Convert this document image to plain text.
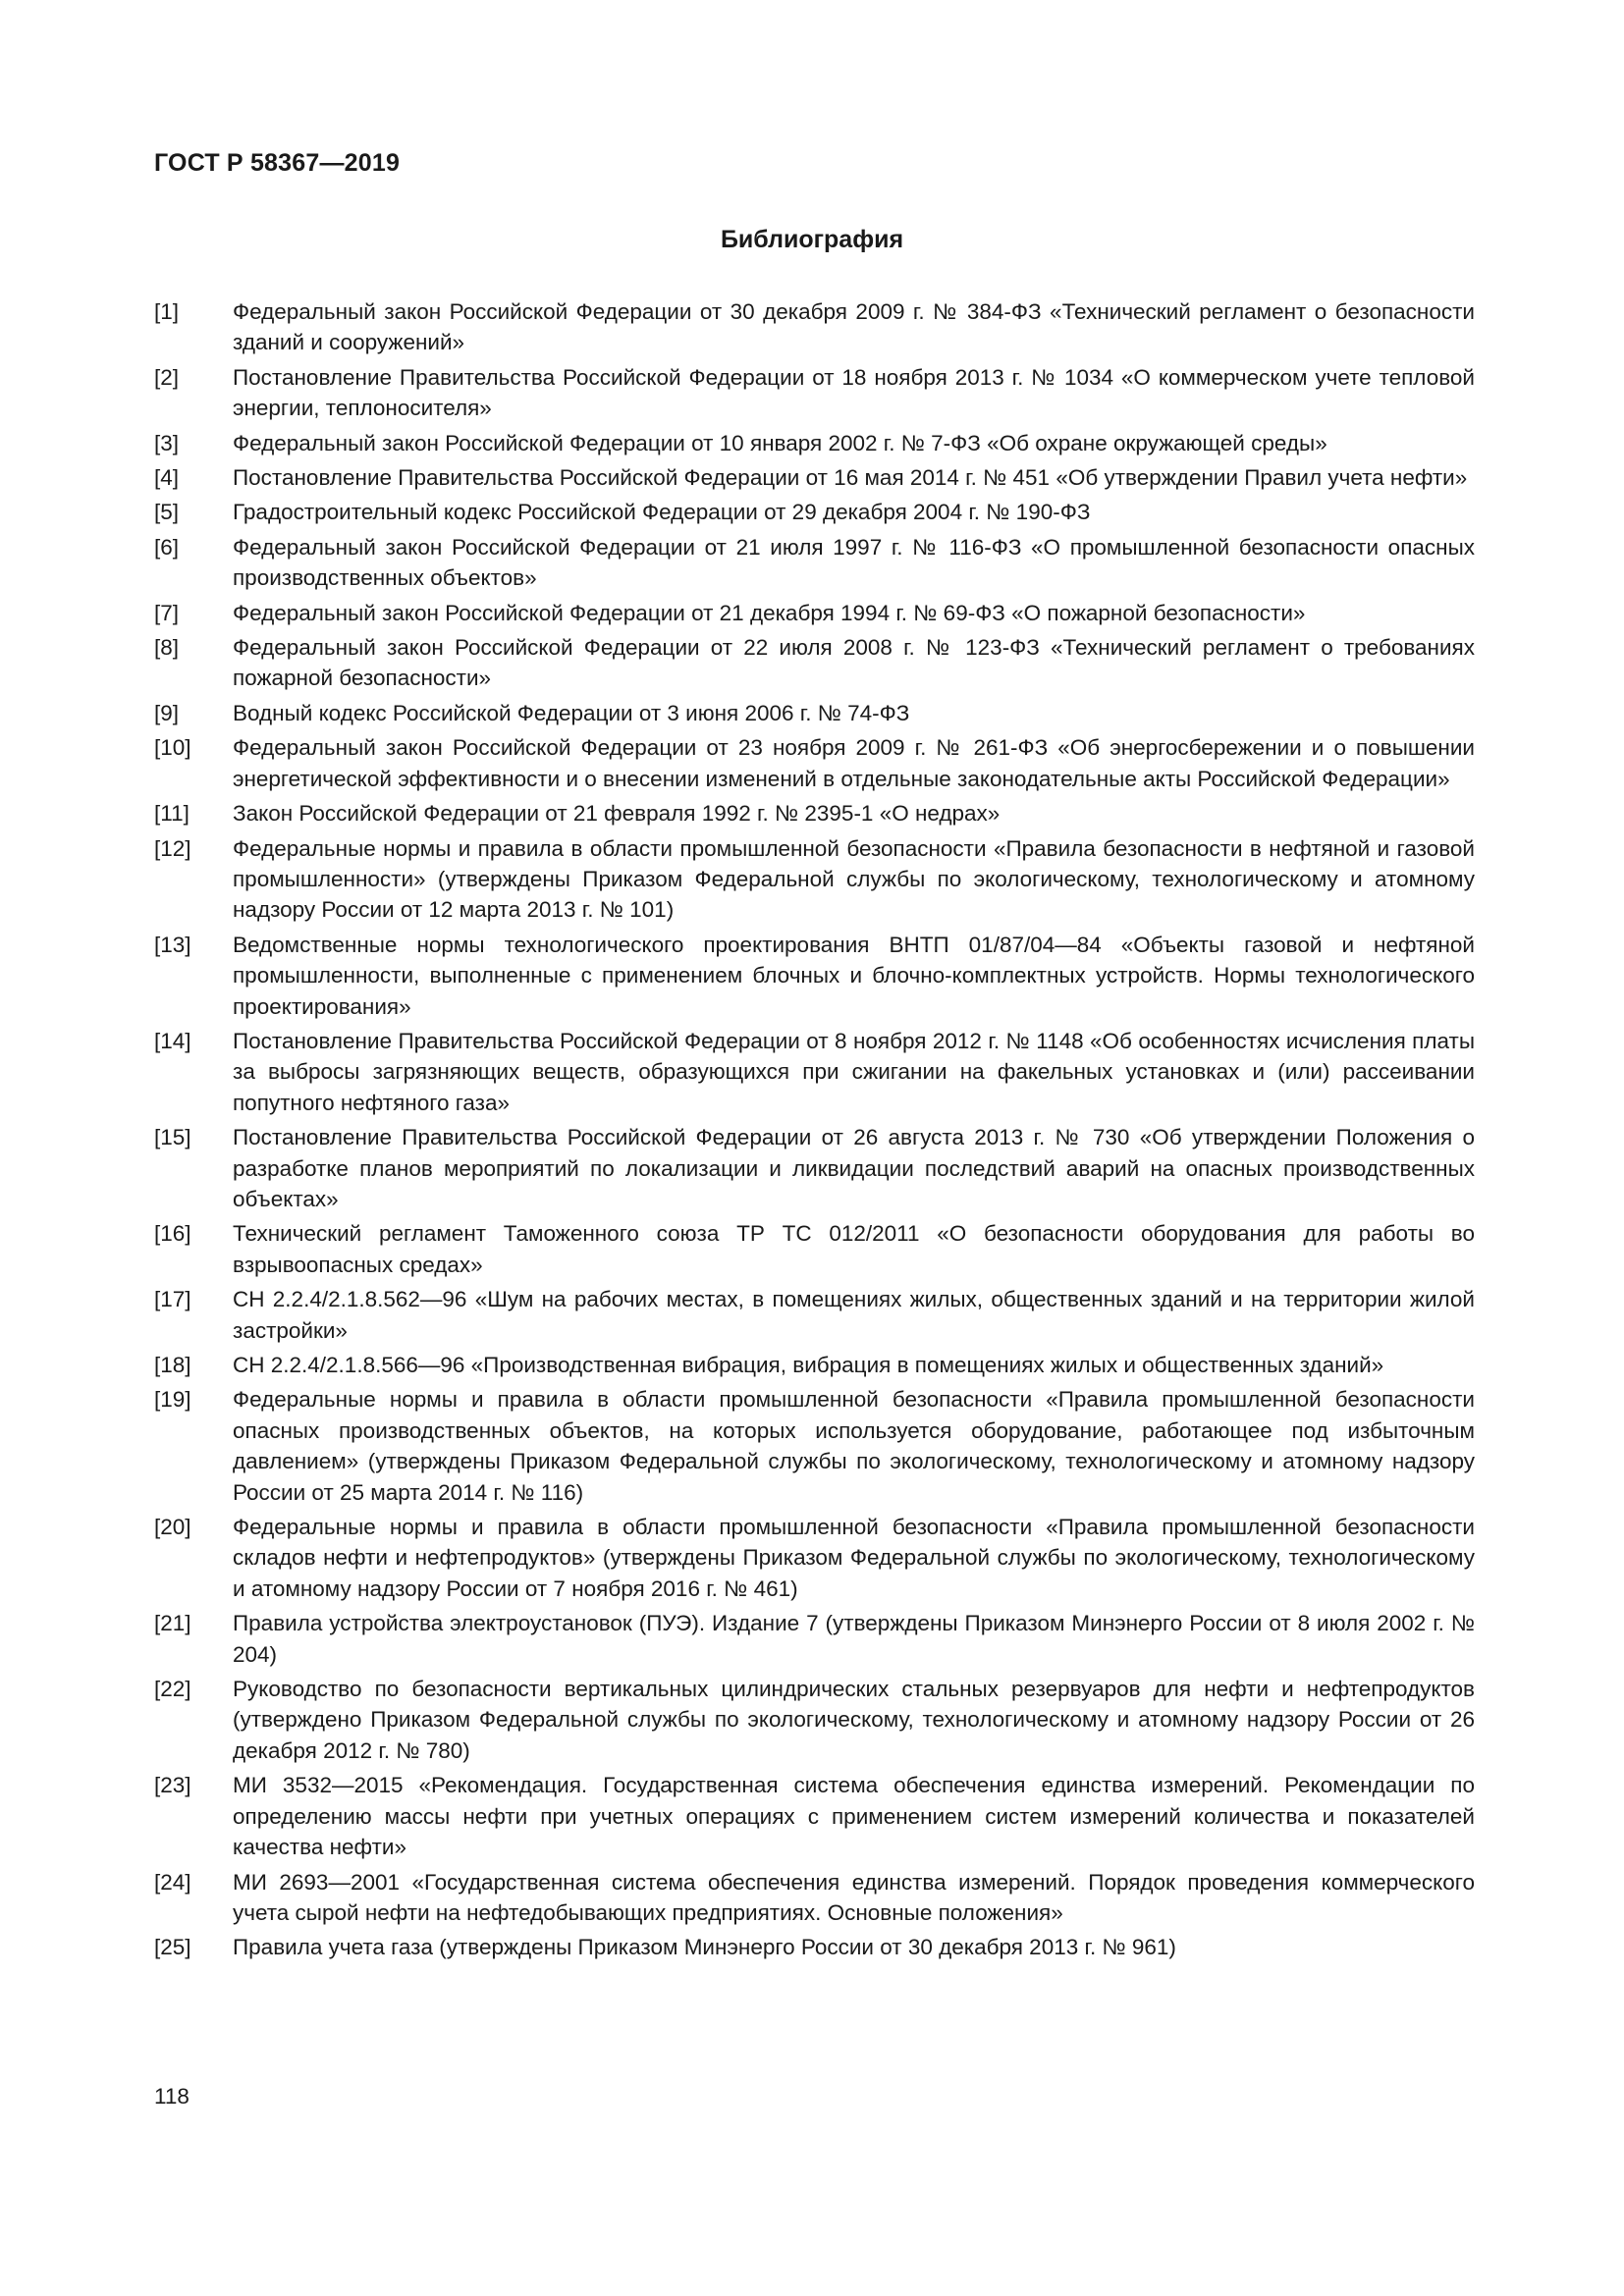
ГОСТ Р 58367—2019
Библиография
[1]	Федеральный закон Российской Федерации от 30 декабря 2009 г. № 384-ФЗ «Технический регламент о безопасности зданий и сооружений»
[2]	Постановление Правительства Российской Федерации от 18 ноября 2013 г. № 1034 «О коммерческом учете тепловой энергии, теплоносителя»
[3]	Федеральный закон Российской Федерации от 10 января 2002 г. № 7-ФЗ «Об охране окружающей среды»
[4]	Постановление Правительства Российской Федерации от 16 мая 2014 г. № 451 «Об утверждении Правил учета нефти»
[5]	Градостроительный кодекс Российской Федерации от 29 декабря 2004 г. № 190-ФЗ
[6]	Федеральный закон Российской Федерации от 21 июля 1997 г. № 116-ФЗ «О промышленной безопасности опасных производственных объектов»
[7]	Федеральный закон Российской Федерации от 21 декабря 1994 г. № 69-ФЗ «О пожарной безопасности»
[8]	Федеральный закон Российской Федерации от 22 июля 2008 г. № 123-ФЗ «Технический регламент о требованиях пожарной безопасности»
[9]	Водный кодекс Российской Федерации от 3 июня 2006 г. № 74-ФЗ
[10]	Федеральный закон Российской Федерации от 23 ноября 2009 г. № 261-ФЗ «Об энергосбережении и о повышении энергетической эффективности и о внесении изменений в отдельные законодательные акты Российской Федерации»
[11]	Закон Российской Федерации от 21 февраля 1992 г. № 2395-1 «О недрах»
[12]	Федеральные нормы и правила в области промышленной безопасности «Правила безопасности в нефтяной и газовой промышленности» (утверждены Приказом Федеральной службы по экологическому, технологическому и атомному надзору России от 12 марта 2013 г. № 101)
[13]	Ведомственные нормы технологического проектирования ВНТП 01/87/04—84 «Объекты газовой и нефтяной промышленности, выполненные с применением блочных и блочно-комплектных устройств. Нормы технологического проектирования»
[14]	Постановление Правительства Российской Федерации от 8 ноября 2012 г. № 1148 «Об особенностях исчисления платы за выбросы загрязняющих веществ, образующихся при сжигании на факельных установках и (или) рассеивании попутного нефтяного газа»
[15]	Постановление Правительства Российской Федерации от 26 августа 2013 г. № 730 «Об утверждении Положения о разработке планов мероприятий по локализации и ликвидации последствий аварий на опасных производственных объектах»
[16]	Технический регламент Таможенного союза ТР ТС 012/2011 «О безопасности оборудования для работы во взрывоопасных средах»
[17]	СН 2.2.4/2.1.8.562—96 «Шум на рабочих местах, в помещениях жилых, общественных зданий и на территории жилой застройки»
[18]	СН 2.2.4/2.1.8.566—96 «Производственная вибрация, вибрация в помещениях жилых и общественных зданий»
[19]	Федеральные нормы и правила в области промышленной безопасности «Правила промышленной безопасности опасных производственных объектов, на которых используется оборудование, работающее под избыточным давлением» (утверждены Приказом Федеральной службы по экологическому, технологическому и атомному надзору России от 25 марта 2014 г. № 116)
[20]	Федеральные нормы и правила в области промышленной безопасности «Правила промышленной безопасности складов нефти и нефтепродуктов» (утверждены Приказом Федеральной службы по экологическому, технологическому и атомному надзору России от 7 ноября 2016 г. № 461)
[21]	Правила устройства электроустановок (ПУЭ). Издание 7 (утверждены Приказом Минэнерго России от 8 июля 2002 г. № 204)
[22]	Руководство по безопасности вертикальных цилиндрических стальных резервуаров для нефти и нефтепродуктов (утверждено Приказом Федеральной службы по экологическому, технологическому и атомному надзору России от 26 декабря 2012 г. № 780)
[23]	МИ 3532—2015 «Рекомендация. Государственная система обеспечения единства измерений. Рекомендации по определению массы нефти при учетных операциях с применением систем измерений количества и показателей качества нефти»
[24]	МИ 2693—2001 «Государственная система обеспечения единства измерений. Порядок проведения коммерческого учета сырой нефти на нефтедобывающих предприятиях. Основные положения»
[25]	Правила учета газа (утверждены Приказом Минэнерго России от 30 декабря 2013 г. № 961)
118
